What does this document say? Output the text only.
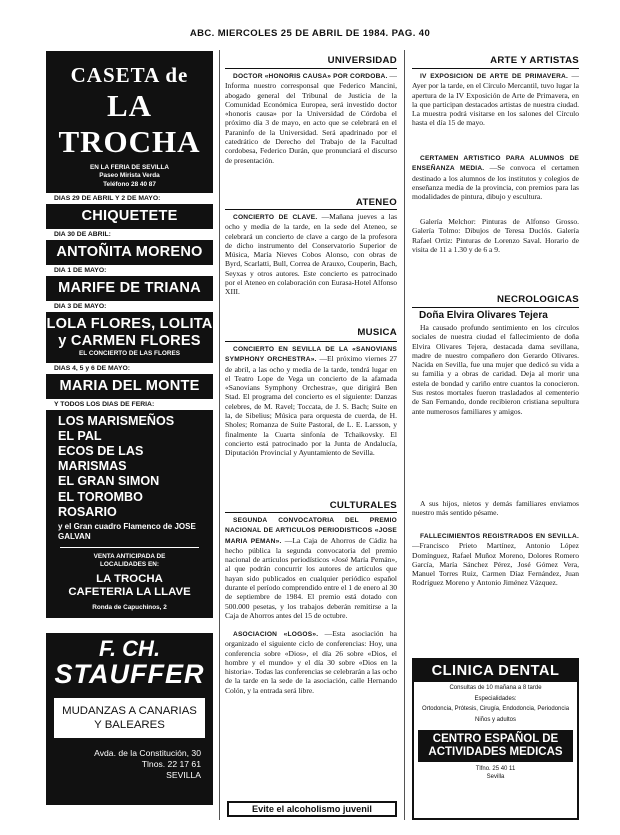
ABC. MIERCOLES 25 DE ABRIL DE 1984. PAG. 40
CASETA de
LA TROCHA
EN LA FERIA DE SEVILLA
Paseo Mirista Verda
Teléfono 28 40 87
DIAS 29 DE ABRIL Y 2 DE MAYO:
CHIQUETETE
DIA 30 DE ABRIL:
ANTOÑITA MORENO
DIA 1 DE MAYO:
MARIFE DE TRIANA
DIA 3 DE MAYO:
LOLA FLORES, LOLITA
y CARMEN FLORES
EL CONCIERTO DE LAS FLORES
DIAS 4, 5 y 6 DE MAYO:
MARIA DEL MONTE
Y TODOS LOS DIAS DE FERIA:
LOS MARISMEÑOS
EL PAL
ECOS DE LAS MARISMAS
EL GRAN SIMON
EL TOROMBO
ROSARIO
y el Gran cuadro Flamenco de JOSE GALVAN
VENTA ANTICIPADA DE
LOCALIDADES EN:
LA TROCHA
CAFETERIA LA LLAVE
Ronda de Capuchinos, 2
F. CH.
STAUFFER
MUDANZAS A CANARIAS
Y BALEARES
Avda. de la Constitución, 30
Tlnos. 22 17 61
SEVILLA
UNIVERSIDAD
DOCTOR «HONORIS CAUSA» POR CORDOBA. —Informa nuestro corresponsal que Federico Mancini, abogado general del Tribunal de Justicia de la Comunidad Económica Europea, será investido doctor «honoris causa» por la Universidad de Córdoba el próximo día 3 de mayo, en acto que se celebrará en el Paraninfo de la Universidad. Será apadrinado por el catedrático de Derecho del Trabajo de la Facultad cordobesa, Federico Durán, que pronunciará el discurso de presentación.
ATENEO
CONCIERTO DE CLAVE. —Mañana jueves a las ocho y media de la tarde, en la sede del Ateneo, se celebrará un concierto de clave a cargo de la profesora de dicho instrumento del Conservatorio Superior de Música, María Nieves Cobos Alonso, con obras de Byrd, Scarlatti, Bull, Correa de Arauxo, Couperin, Bach, Seyxas y otros autores. Este concierto es patrocinado por el Ateneo en colaboración con Eurasa-Hotel Alfonso XIII.
MUSICA
CONCIERTO EN SEVILLA DE LA «SANOVIANS SYMPHONY ORCHESTRA». —El próximo viernes 27 de abril, a las ocho y media de la tarde, tendrá lugar en el Teatro Lope de Vega un concierto de la afamada «Sanovians Symphony Orchestra», que dirigirá Ben Stad. El programa del concierto es el siguiente: Danzas celebres, de M. Ravel; Toccata, de J. S. Bach; Suite en la, de Sibelius; Música para orquesta de cuerda, de H. Sholes; Romanza de Suite Pastoral, de L. E. Larsson, y finalmente la Cuarta sinfonía de Tchaikovsky. El concierto está patrocinado por la Junta de Andalucía, Diputación Provincial y Ayuntamiento de Sevilla.
CULTURALES
SEGUNDA CONVOCATORIA DEL PREMIO NACIONAL DE ARTICULOS PERIODISTICOS «JOSE MARIA PEMAN». —La Caja de Ahorros de Cádiz ha hecho pública la segunda convocatoria del premio nacional de artículos periodísticos «José María Pemán», al que podrán concurrir los autores de artículos que hayan sido publicados en cualquier periódico español durante el período comprendido entre el 1 de enero al 30 de septiembre de 1984. El premio está dotado con 500.000 pesetas, y los trabajos deberán remitirse a la Caja de Ahorros antes del 15 de octubre.
ASOCIACION «LOGOS». —Esta asociación ha organizado el siguiente ciclo de conferencias: Hoy, una conferencia sobre «Dios», el día 26 sobre «Dios, el hombre y el mundo» y el día 30 sobre «Dios en la historia». Todas las conferencias se celebrarán a las ocho de la tarde en la sede de la asociación, calle Hernando Colón, y la entrada será libre.
Evite el alcoholismo juvenil
ARTE Y ARTISTAS
IV EXPOSICION DE ARTE DE PRIMAVERA. —Ayer por la tarde, en el Círculo Mercantil, tuvo lugar la apertura de la IV Exposición de Arte de Primavera, en la que participan destacados artistas de nuestra ciudad. La muestra podrá visitarse en los salones del Círculo hasta el día 15 de mayo.
CERTAMEN ARTISTICO PARA ALUMNOS DE ENSEÑANZA MEDIA. —Se convoca el certamen destinado a los alumnos de los institutos y colegios de enseñanza media de la provincia, con premios para las modalidades de pintura, dibujo y escultura.
Galería Melchor: Pinturas de Alfonso Grosso. Galería Tolmo: Dibujos de Teresa Duclós. Galería Rafael Ortiz: Pinturas de Lorenzo Saval. Horario de visita de 11 a 1.30 y de 6 a 9.
NECROLOGICAS
Doña Elvira Olivares Tejera
Ha causado profundo sentimiento en los círculos sociales de nuestra ciudad el fallecimiento de doña Elvira Olivares Tejera, destacada dama sevillana, madre de nuestro compañero don Gerardo Olivares. Nacida en Sevilla, fue una mujer que dedicó su vida a su familia y a obras de caridad. Deja al morir una estela de bondad y cariño entre cuantos la conocieron. Sus restos mortales fueron trasladados al cementerio de San Fernando, donde recibieron cristiana sepultura ante numerosos familiares y amigos.
A sus hijos, nietos y demás familiares enviamos nuestro más sentido pésame.
FALLECIMIENTOS REGISTRADOS EN SEVILLA. —Francisco Prieto Martínez, Antonio López Domínguez, Rafael Muñoz Moreno, Dolores Romero García, María Sánchez Pérez, José Gómez Vera, Manuel Torres Ruiz, Carmen Díaz Fernández, Juan Rodríguez Moreno y Antonio Jiménez Vázquez.
CLINICA DENTAL
Consultas de 10 mañana a 8 tarde
Especialidades:
Ortodoncia, Prótesis, Cirugía, Endodoncia, Periodoncia
Niños y adultos
CENTRO ESPAÑOL DE
ACTIVIDADES MEDICAS
Tlfno. 25 40 11
Sevilla
